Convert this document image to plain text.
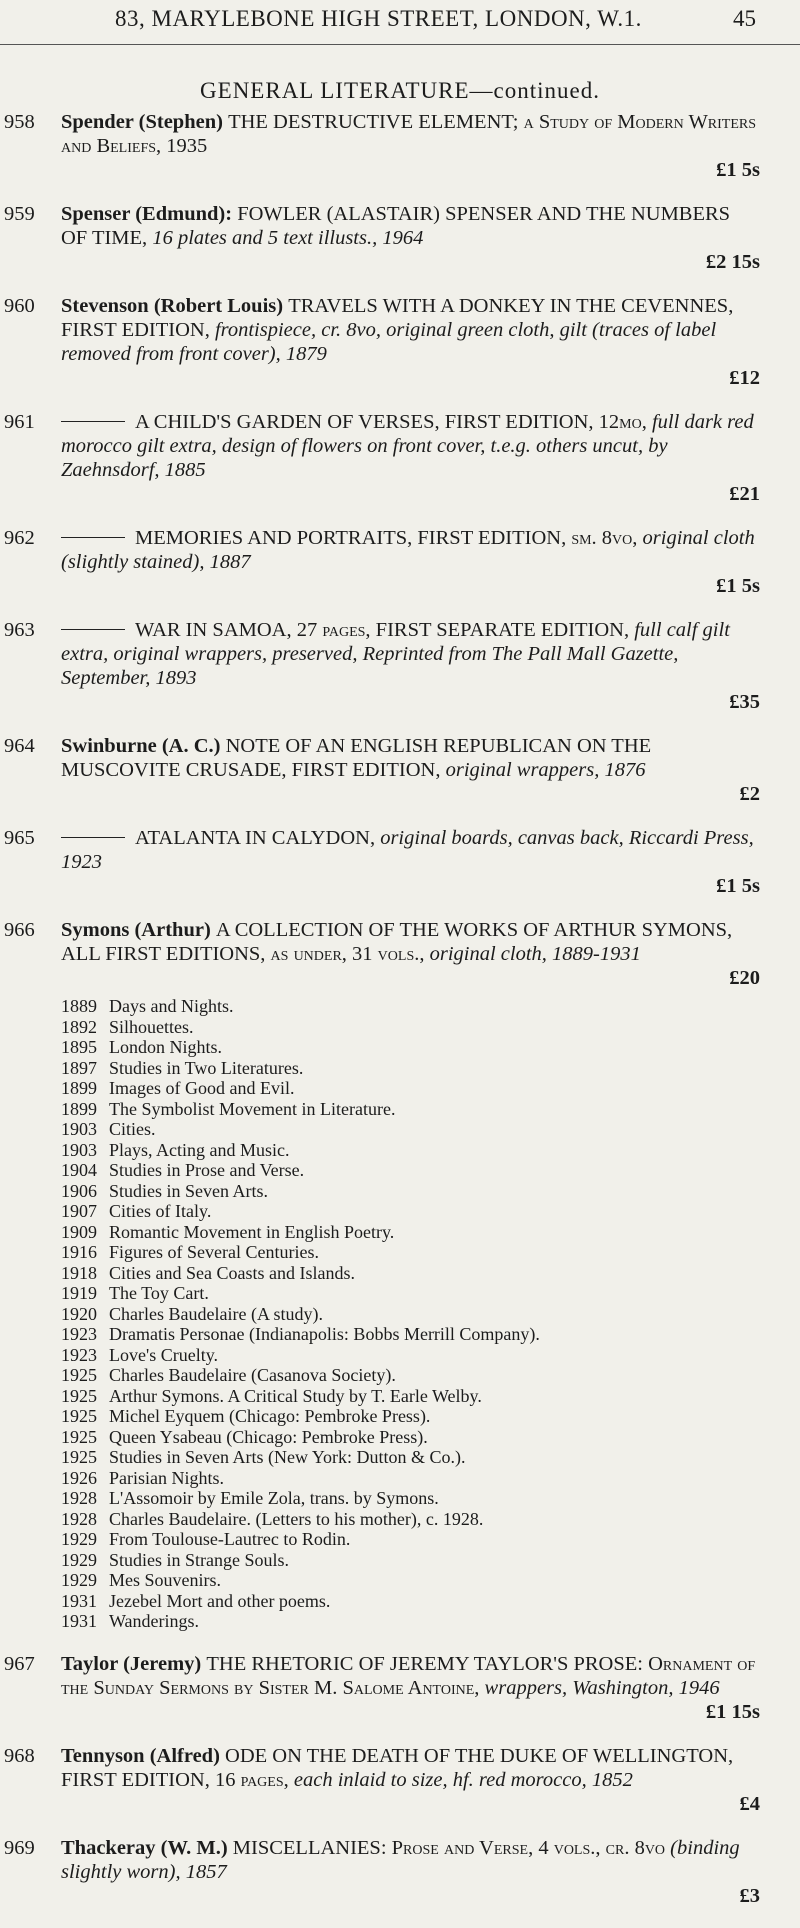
83, MARYLEBONE HIGH STREET, LONDON, W.1.	45
GENERAL LITERATURE—continued.
958 Spender (Stephen) THE DESTRUCTIVE ELEMENT; a Study of Modern Writers and Beliefs, 1935
£1 5s
959 Spenser (Edmund): FOWLER (ALASTAIR) SPENSER AND THE NUMBERS OF TIME, 16 plates and 5 text illusts., 1964
£2 15s
960 Stevenson (Robert Louis) TRAVELS WITH A DONKEY IN THE CEVENNES, FIRST EDITION, frontispiece, cr. 8vo, original green cloth, gilt (traces of label removed from front cover), 1879
£12
961	A CHILD'S GARDEN OF VERSES, FIRST EDITION, 12mo, full dark red morocco gilt extra, design of flowers on front cover, t.e.g. others uncut, by Zaehnsdorf, 1885
£21
962	MEMORIES AND PORTRAITS, FIRST EDITION, sm. 8vo, original cloth (slightly stained), 1887
£1 5s
963	WAR IN SAMOA, 27 pages, FIRST SEPARATE EDITION, full calf gilt extra, original wrappers, preserved, Reprinted from The Pall Mall Gazette, September, 1893
£35
964 Swinburne (A. C.) NOTE OF AN ENGLISH REPUBLICAN ON THE MUSCOVITE CRUSADE, FIRST EDITION, original wrappers, 1876
£2
965	ATALANTA IN CALYDON, original boards, canvas back, Riccardi Press, 1923
£1 5s
966 Symons (Arthur) A COLLECTION OF THE WORKS OF ARTHUR SYMONS, ALL FIRST EDITIONS, as under, 31 vols., original cloth, 1889-1931
£20
1889 Days and Nights.
1892 Silhouettes.
1895 London Nights.
1897 Studies in Two Literatures.
1899 Images of Good and Evil.
1899 The Symbolist Movement in Literature.
1903 Cities.
1903 Plays, Acting and Music.
1904 Studies in Prose and Verse.
1906 Studies in Seven Arts.
1907 Cities of Italy.
1909 Romantic Movement in English Poetry.
1916 Figures of Several Centuries.
1918 Cities and Sea Coasts and Islands.
1919 The Toy Cart.
1920 Charles Baudelaire (A study).
1923 Dramatis Personae (Indianapolis: Bobbs Merrill Company).
1923 Love's Cruelty.
1925 Charles Baudelaire (Casanova Society).
1925 Arthur Symons. A Critical Study by T. Earle Welby.
1925 Michel Eyquem (Chicago: Pembroke Press).
1925 Queen Ysabeau (Chicago: Pembroke Press).
1925 Studies in Seven Arts (New York: Dutton & Co.).
1926 Parisian Nights.
1928 L'Assomoir by Emile Zola, trans. by Symons.
1928 Charles Baudelaire. (Letters to his mother), c. 1928.
1929 From Toulouse-Lautrec to Rodin.
1929 Studies in Strange Souls.
1929 Mes Souvenirs.
1931 Jezebel Mort and other poems.
1931 Wanderings.
967 Taylor (Jeremy) THE RHETORIC OF JEREMY TAYLOR'S PROSE: Ornament of the Sunday Sermons by Sister M. Salome Antoine, wrappers, Washington, 1946
£1 15s
968 Tennyson (Alfred) ODE ON THE DEATH OF THE DUKE OF WELLINGTON, FIRST EDITION, 16 pages, each inlaid to size, hf. red morocco, 1852
£4
969 Thackeray (W. M.) MISCELLANIES: Prose and Verse, 4 vols., cr. 8vo (binding slightly worn), 1857
£3
